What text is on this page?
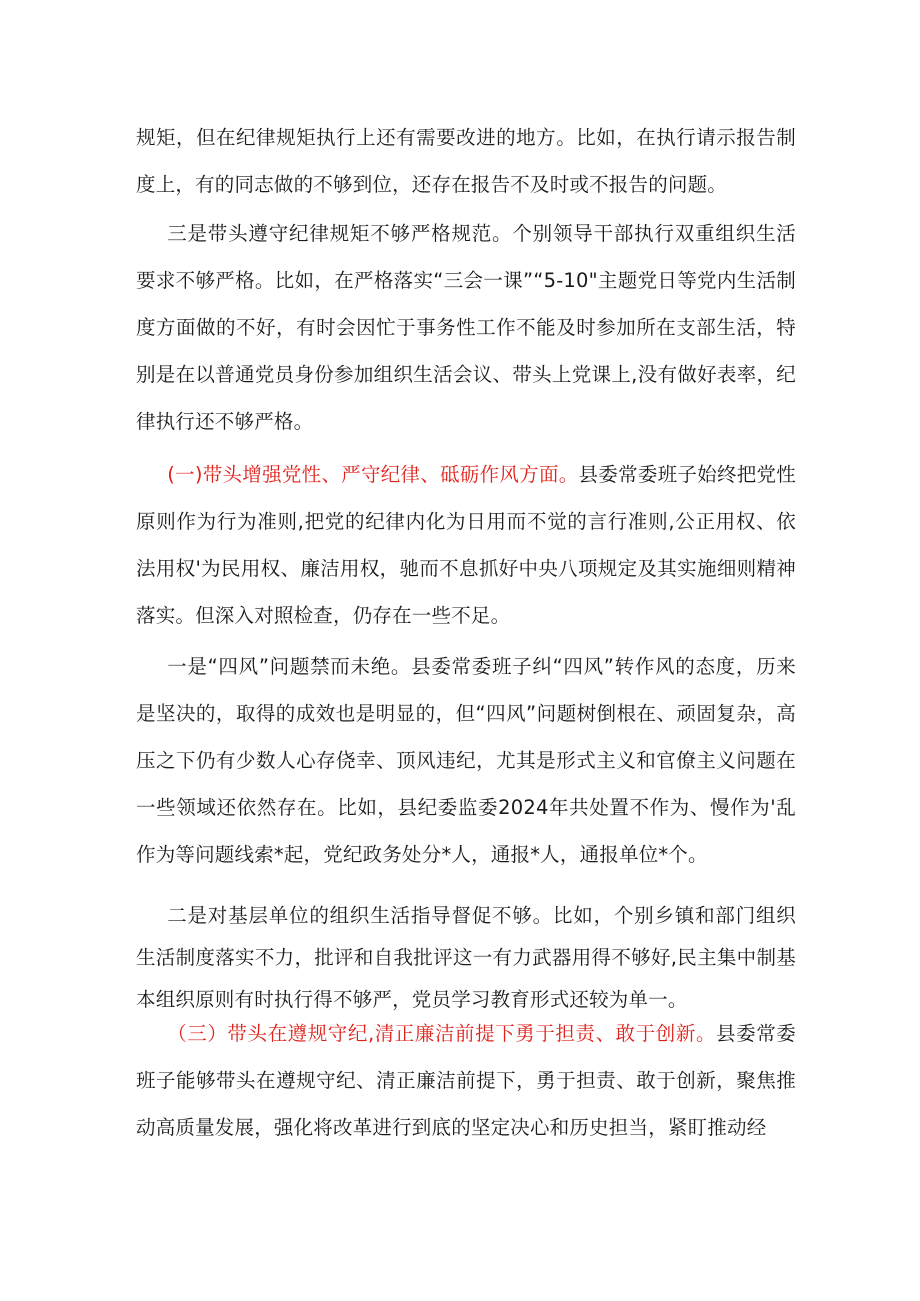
规矩，但在纪律规矩执行上还有需要改进的地方。比如，在执行请示报告制度上，有的同志做的不够到位，还存在报告不及时或不报告的问题。

三是带头遵守纪律规矩不够严格规范。个别领导干部执行双重组织生活要求不够严格。比如，在严格落实“三会一课”“5-10"主题党日等党内生活制度方面做的不好，有时会因忙于事务性工作不能及时参加所在支部生活，特别是在以普通党员身份参加组织生活会议、带头上党课上,没有做好表率，纪律执行还不够严格。

(一)带头增强党性、严守纪律、砥砺作风方面。县委常委班子始终把党性原则作为行为准则,把党的纪律内化为日用而不觉的言行准则,公正用权、依法用权'为民用权、廉洁用权，驰而不息抓好中央八项规定及其实施细则精神落实。但深入对照检查，仍存在一些不足。

一是“四风”问题禁而未绝。县委常委班子纠“四风”转作风的态度，历来是坚决的，取得的成效也是明显的，但“四风”问题树倒根在、顽固复杂，高压之下仍有少数人心存侥幸、顶风违纪，尤其是形式主义和官僚主义问题在一些领域还依然存在。比如，县纪委监委2024年共处置不作为、慢作为'乱作为等问题线索*起，党纪政务处分*人，通报*人，通报单位*个。

二是对基层单位的组织生活指导督促不够。比如，个别乡镇和部门组织生活制度落实不力，批评和自我批评这一有力武器用得不够好,民主集中制基本组织原则有时执行得不够严，党员学习教育形式还较为单一。

（三）带头在遵规守纪,清正廉洁前提下勇于担责、敢于创新。县委常委班子能够带头在遵规守纪、清正廉洁前提下，勇于担责、敢于创新，聚焦推动高质量发展，强化将改革进行到底的坚定决心和历史担当，紧盯推动经
